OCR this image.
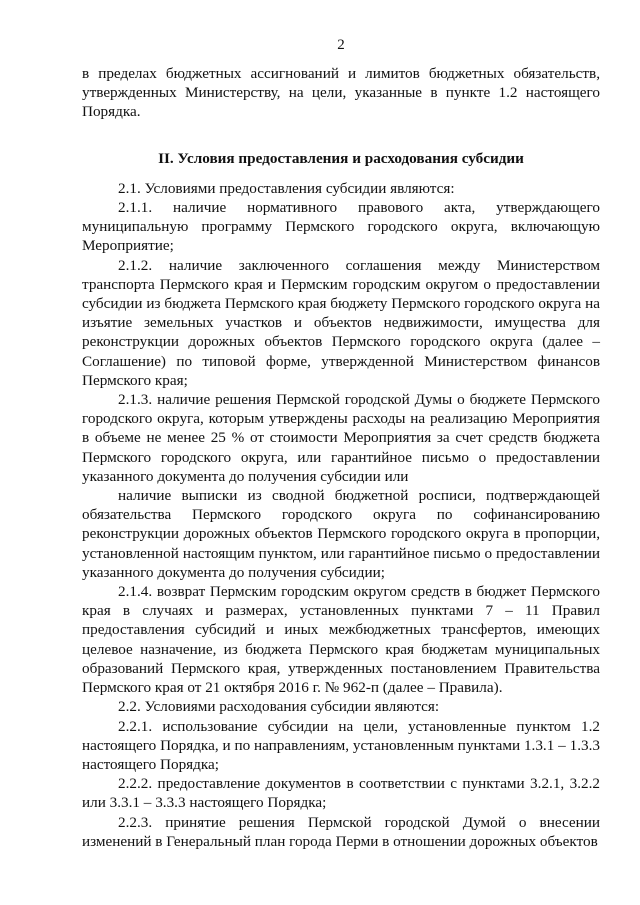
2

в пределах бюджетных ассигнований и лимитов бюджетных обязательств, утвержденных Министерству, на цели, указанные в пункте 1.2 настоящего Порядка.

II. Условия предоставления и расходования субсидии

2.1. Условиями предоставления субсидии являются:

2.1.1. наличие нормативного правового акта, утверждающего муниципальную программу Пермского городского округа, включающую Мероприятие;

2.1.2. наличие заключенного соглашения между Министерством транспорта Пермского края и Пермским городским округом о предоставлении субсидии из бюджета Пермского края бюджету Пермского городского округа на изъятие земельных участков и объектов недвижимости, имущества для реконструкции дорожных объектов Пермского городского округа (далее – Соглашение) по типовой форме, утвержденной Министерством финансов Пермского края;

2.1.3. наличие решения Пермской городской Думы о бюджете Пермского городского округа, которым утверждены расходы на реализацию Мероприятия в объеме не менее 25 % от стоимости Мероприятия за счет средств бюджета Пермского городского округа, или гарантийное письмо о предоставлении указанного документа до получения субсидии или

наличие выписки из сводной бюджетной росписи, подтверждающей обязательства Пермского городского округа по софинансированию реконструкции дорожных объектов Пермского городского округа в пропорции, установленной настоящим пунктом, или гарантийное письмо о предоставлении указанного документа до получения субсидии;

2.1.4. возврат Пермским городским округом средств в бюджет Пермского края в случаях и размерах, установленных пунктами 7 – 11 Правил предоставления субсидий и иных межбюджетных трансфертов, имеющих целевое назначение, из бюджета Пермского края бюджетам муниципальных образований Пермского края, утвержденных постановлением Правительства Пермского края от 21 октября 2016 г. № 962-п (далее – Правила).

2.2. Условиями расходования субсидии являются:

2.2.1. использование субсидии на цели, установленные пунктом 1.2 настоящего Порядка, и по направлениям, установленным пунктами 1.3.1 – 1.3.3 настоящего Порядка;

2.2.2. предоставление документов в соответствии с пунктами 3.2.1, 3.2.2 или 3.3.1 – 3.3.3 настоящего Порядка;

2.2.3. принятие решения Пермской городской Думой о внесении изменений в Генеральный план города Перми в отношении дорожных объектов
